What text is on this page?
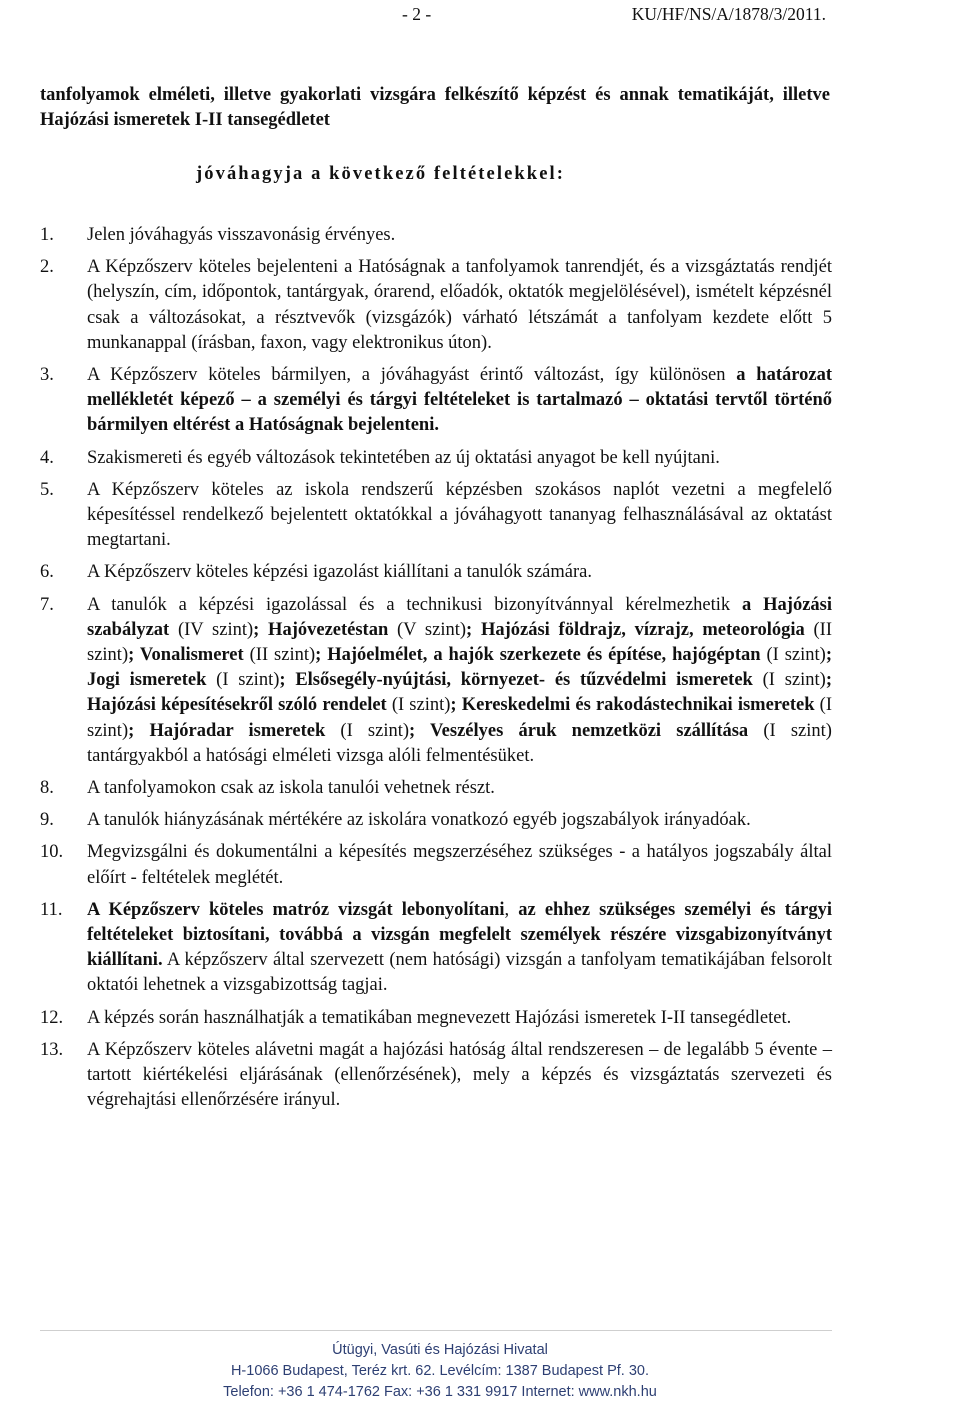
- 2 -	KU/HF/NS/A/1878/3/2011.
tanfolyamok elméleti, illetve gyakorlati vizsgára felkészítő képzést és annak tematikáját, illetve Hajózási ismeretek I-II tansegédletet
jóváhagyja a következő feltételekkel:
1.	Jelen jóváhagyás visszavonásig érvényes.
2.	A Képzőszerv köteles bejelenteni a Hatóságnak a tanfolyamok tanrendjét, és a vizsgáztatás rendjét (helyszín, cím, időpontok, tantárgyak, órarend, előadók, oktatók megjelölésével), ismételt képzésnél csak a változásokat, a résztvevők (vizsgázók) várható létszámát a tanfolyam kezdete előtt 5 munkanappal (írásban, faxon, vagy elektronikus úton).
3.	A Képzőszerv köteles bármilyen, a jóváhagyást érintő változást, így különösen a határozat mellékletét képező – a személyi és tárgyi feltételeket is tartalmazó – oktatási tervtől történő bármilyen eltérést a Hatóságnak bejelenteni.
4.	Szakismereti és egyéb változások tekintetében az új oktatási anyagot be kell nyújtani.
5.	A Képzőszerv köteles az iskola rendszerű képzésben szokásos naplót vezetni a megfelelő képesítéssel rendelkező bejelentett oktatókkal a jóváhagyott tananyag felhasználásával az oktatást megtartani.
6.	A Képzőszerv köteles képzési igazolást kiállítani a tanulók számára.
7.	A tanulók a képzési igazolással és a technikusi bizonyítvánnyal kérelmezhetik a Hajózási szabályzat (IV szint); Hajóvezetéstan (V szint); Hajózási földrajz, vízrajz, meteorológia (II szint); Vonalismeret (II szint); Hajóelmélet, a hajók szerkezete és építése, hajógéptan (I szint); Jogi ismeretek (I szint); Elsősegély-nyújtási, környezet- és tűzvédelmi ismeretek (I szint); Hajózási képesítésekről szóló rendelet (I szint); Kereskedelmi és rakodástechnikai ismeretek (I szint); Hajóradar ismeretek (I szint); Veszélyes áruk nemzetközi szállítása (I szint) tantárgyakból a hatósági elméleti vizsga alóli felmentésüket.
8.	A tanfolyamokon csak az iskola tanulói vehetnek részt.
9.	A tanulók hiányzásának mértékére az iskolára vonatkozó egyéb jogszabályok irányadóak.
10.	Megvizsgálni és dokumentálni a képesítés megszerzéséhez szükséges - a hatályos jogszabály által előírt - feltételek meglétét.
11.	A Képzőszerv köteles matróz vizsgát lebonyolítani, az ehhez szükséges személyi és tárgyi feltételeket biztosítani, továbbá a vizsgán megfelelt személyek részére vizsgabizonyítványt kiállítani. A képzőszerv által szervezett (nem hatósági) vizsgán a tanfolyam tematikájában felsorolt oktatói lehetnek a vizsgabizottság tagjai.
12.	A képzés során használhatják a tematikában megnevezett Hajózási ismeretek I-II tansegédletet.
13.	A Képzőszerv köteles alávetni magát a hajózási hatóság által rendszeresen – de legalább 5 évente – tartott kiértékelési eljárásának (ellenőrzésének), mely a képzés és vizsgáztatás szervezeti és végrehajtási ellenőrzésére irányul.
Útügyi, Vasúti és Hajózási Hivatal
H-1066 Budapest, Teréz krt. 62. Levélcím: 1387 Budapest Pf. 30.
Telefon: +36 1 474-1762 Fax: +36 1 331 9917 Internet: www.nkh.hu
